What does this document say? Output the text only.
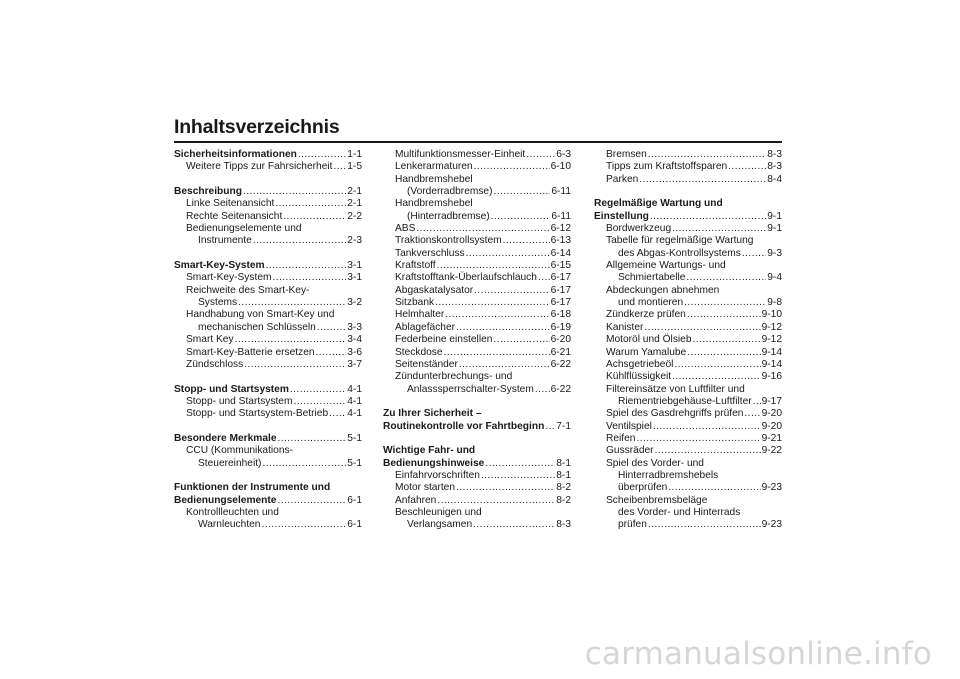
Inhaltsverzeichnis
Sicherheitsinformationen . . .	1-1
Weitere Tipps zur Fahrsicherheit . . . 1-5
Beschreibung . . .	2-1
Linke Seitenansicht . . .	2-1
Rechte Seitenansicht . . .	2-2
Bedienungselemente und
Instrumente . . .	2-3
Smart-Key-System . . .	3-1
Smart-Key-System . . .	3-1
Reichweite des Smart-Key-
Systems . . .	3-2
Handhabung von Smart-Key und
mechanischen Schlüsseln . . .	3-3
Smart Key . . .	3-4
Smart-Key-Batterie ersetzen . . .	3-6
Zündschloss . . .	3-7
Stopp- und Startsystem . . .	4-1
Stopp- und Startsystem . . .	4-1
Stopp- und Startsystem-Betrieb . . . 4-1
Besondere Merkmale . . .	5-1
CCU (Kommunikations-
Steuereinheit) . . .	5-1
Funktionen der Instrumente und
Bedienungselemente . . .	6-1
Kontrollleuchten und
Warnleuchten . . .	6-1
Multifunktionsmesser-Einheit . . .	6-3
Lenkerarmaturen . . .	6-10
Handbremshebel
(Vorderradbremse) . . .	6-11
Handbremshebel
(Hinterradbremse) . . .	6-11
ABS . . .	6-12
Traktionskontrollsystem . . .	6-13
Tankverschluss . . .	6-14
Kraftstoff . . .	6-15
Kraftstofftank-Überlaufschlauch . . . 6-17
Abgaskatalysator . . .	6-17
Sitzbank . . .	6-17
Helmhalter . . .	6-18
Ablagefächer . . .	6-19
Federbeine einstellen . . .	6-20
Steckdose . . .	6-21
Seitenständer . . .	6-22
Zündunterbrechungs- und
Anlasssperrschalter-System . . . 6-22
Zu Ihrer Sicherheit –
Routinekontrolle vor Fahrtbeginn . . . 7-1
Wichtige Fahr- und
Bedienungshinweise . . .	8-1
Einfahrvorschriften . . .	8-1
Motor starten . . .	8-2
Anfahren . . .	8-2
Beschleunigen und
Verlangsamen . . .	8-3
Bremsen . . .	8-3
Tipps zum Kraftstoffsparen . . .	8-3
Parken . . .	8-4
Regelmäßige Wartung und
Einstellung . . .	9-1
Bordwerkzeug . . .	9-1
Tabelle für regelmäßige Wartung
des Abgas-Kontrollsystems . . .	9-3
Allgemeine Wartungs- und
Schmiertabelle . . .	9-4
Abdeckungen abnehmen
und montieren . . .	9-8
Zündkerze prüfen . . .	9-10
Kanister . . .	9-12
Motoröl und Ölsieb . . .	9-12
Warum Yamalube . . .	9-14
Achsgetriebeöl . . .	9-14
Kühlflüssigkeit . . .	9-16
Filtereinsätze von Luftfilter und
Riementriebgehäuse-Luftfilter . . . 9-17
Spiel des Gasdrehgriffs prüfen . . . 9-20
Ventilspiel . . .	9-20
Reifen . . .	9-21
Gussräder . . .	9-22
Spiel des Vorder- und
Hinterradbremshebels
überprüfen . . .	9-23
Scheibenbremsbeläge
des Vorder- und Hinterrads
prüfen . . .	9-23
carmanualsonline.info
